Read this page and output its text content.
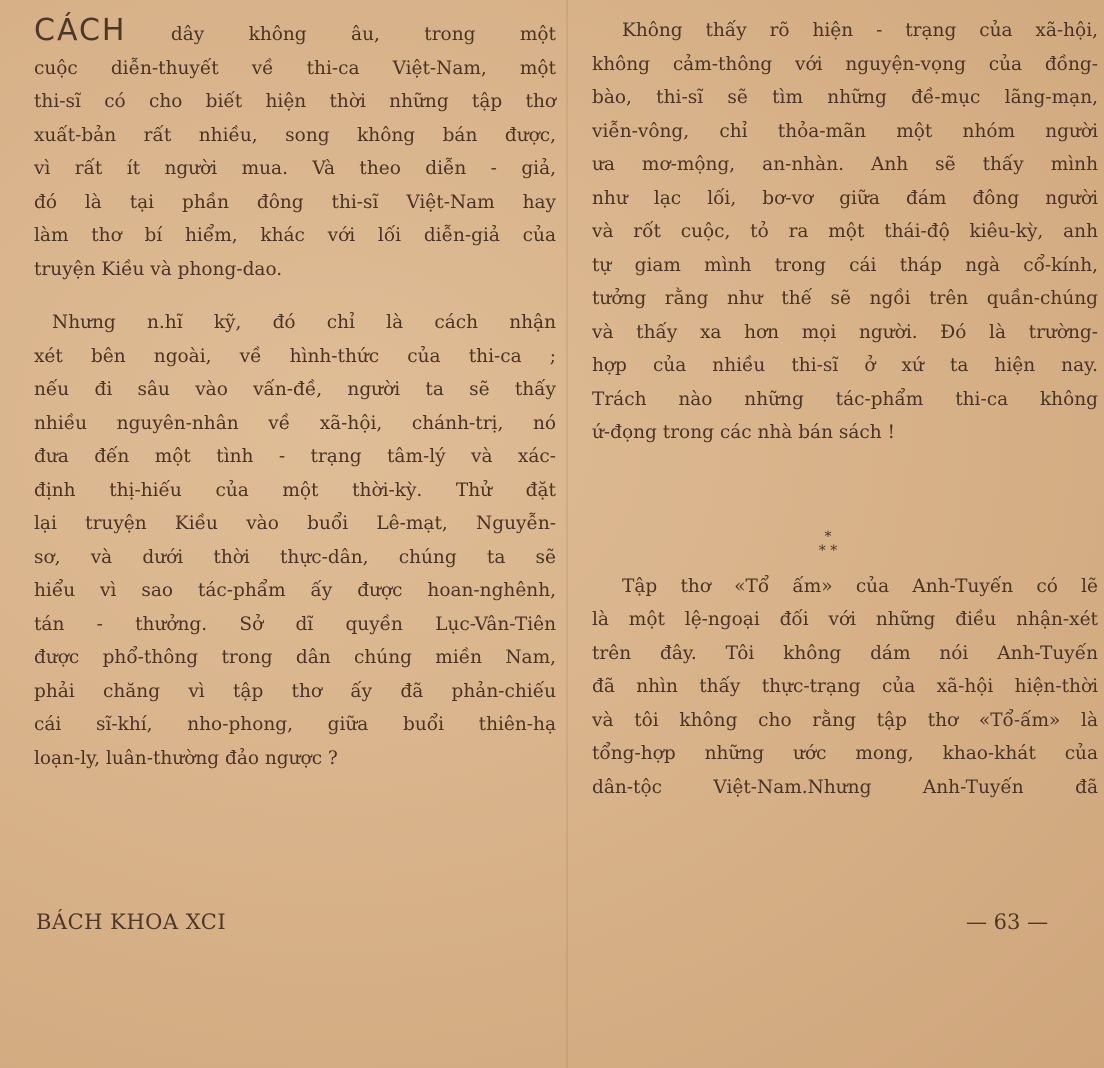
CÁCH dây không âu, trong một
cuộc diễn-thuyết về thi-ca Việt-Nam, một
thi-sĩ có cho biết hiện thời những tập thơ
xuất-bản rất nhiều, song không bán được,
vì rất ít người mua. Và theo diễn - giả,
đó là tại phần đông thi-sĩ Việt-Nam hay
làm thơ bí hiểm, khác với lối diễn-giả của
truyện Kiều và phong-dao.
Nhưng n.hĩ kỹ, đó chỉ là cách nhận
xét bên ngoài, về hình-thức của thi-ca ;
nếu đi sâu vào vấn-đề, người ta sẽ thấy
nhiều nguyên-nhân về xã-hội, chánh-trị, nó
đưa đến một tình - trạng tâm-lý và xác-
định thị-hiếu của một thời-kỳ. Thử đặt
lại truyện Kiều vào buổi Lê-mạt, Nguyễn-
sơ, và dưới thời thực-dân, chúng ta sẽ
hiểu vì sao tác-phẩm ấy được hoan-nghênh,
tán - thưởng. Sở dĩ quyền Lục-Vân-Tiên
được phổ-thông trong dân chúng miền Nam,
phải chăng vì tập thơ ấy đã phản-chiếu
cái sĩ-khí, nho-phong, giữa buổi thiên-hạ
loạn-ly, luân-thường đảo ngược ?
Không thấy rõ hiện - trạng của xã-hội,
không cảm-thông với nguyện-vọng của đồng-
bào, thi-sĩ sẽ tìm những đề-mục lãng-mạn,
viễn-vông, chỉ thỏa-mãn một nhóm người
ưa mơ-mộng, an-nhàn. Anh sẽ thấy mình
như lạc lối, bơ-vơ giữa đám đông người
và rốt cuộc, tỏ ra một thái-độ kiêu-kỳ, anh
tự giam mình trong cái tháp ngà cổ-kính,
tưởng rằng như thế sẽ ngồi trên quần-chúng
và thấy xa hơn mọi người. Đó là trường-
hợp của nhiều thi-sĩ ở xứ ta hiện nay.
Trách nào những tác-phẩm thi-ca không
ứ-đọng trong các nhà bán sách !
Tập thơ «Tổ ấm» của Anh-Tuyến có lẽ
là một lệ-ngoại đối với những điều nhận-xét
trên đây. Tôi không dám nói Anh-Tuyến
đã nhìn thấy thực-trạng của xã-hội hiện-thời
và tôi không cho rằng tập thơ «Tổ-ấm» là
tổng-hợp những ước mong, khao-khát của
dân-tộc Việt-Nam.Nhưng Anh-Tuyến đã
*
* *
BÁCH KHOA XCI	— 63 —
